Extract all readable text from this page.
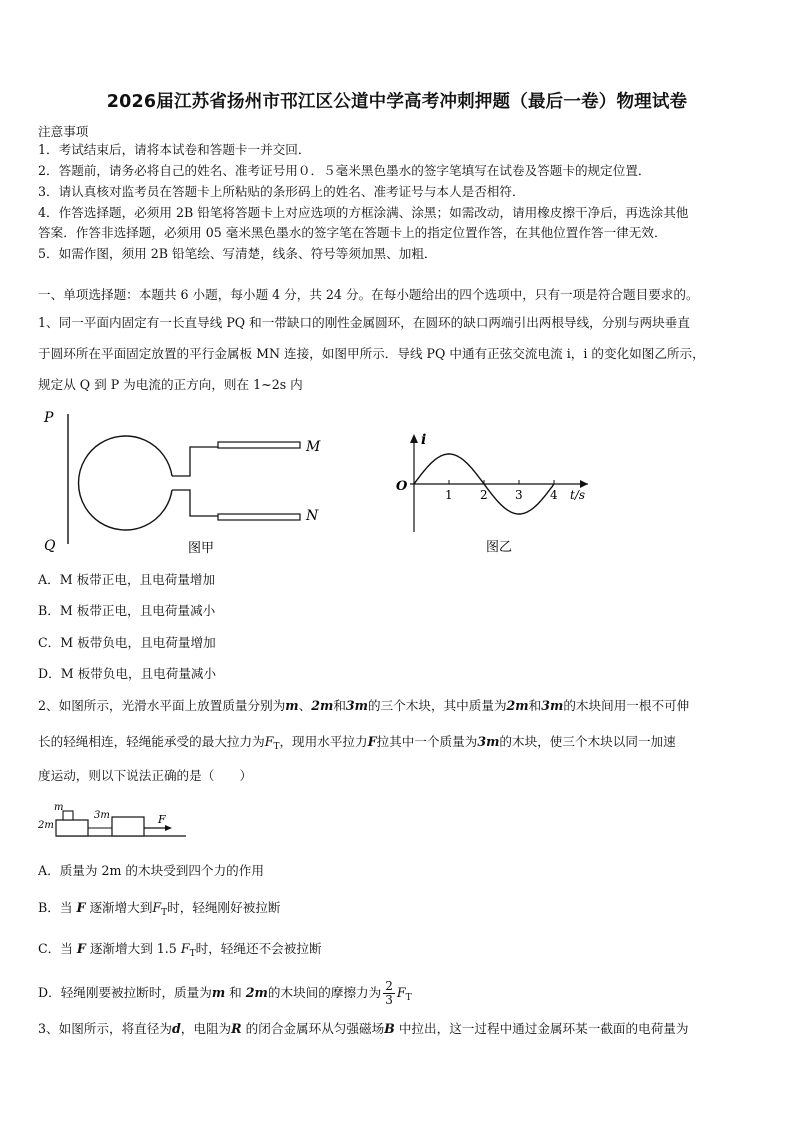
2026届江苏省扬州市邗江区公道中学高考冲刺押题（最后一卷）物理试卷
注意事项
1．考试结束后，请将本试卷和答题卡一并交回．
2．答题前，请务必将自己的姓名、准考证号用０．５毫米黑色墨水的签字笔填写在试卷及答题卡的规定位置．
3．请认真核对监考员在答题卡上所粘贴的条形码上的姓名、准考证号与本人是否相符．
4．作答选择题，必须用 2B 铅笔将答题卡上对应选项的方框涂满、涂黑；如需改动，请用橡皮擦干净后，再选涂其他
答案．作答非选择题，必须用 05 毫米黑色墨水的签字笔在答题卡上的指定位置作答，在其他位置作答一律无效．
5．如需作图，须用 2B 铅笔绘、写清楚，线条、符号等须加黑、加粗．
一、单项选择题：本题共 6 小题，每小题 4 分，共 24 分。在每小题给出的四个选项中，只有一项是符合题目要求的。
1、同一平面内固定有一长直导线 PQ 和一带缺口的刚性金属圆环，在圆环的缺口两端引出两根导线，分别与两块垂直
于圆环所在平面固定放置的平行金属板 MN 连接，如图甲所示．导线 PQ 中通有正弦交流电流 i，i 的变化如图乙所示，
规定从 Q 到 P 为电流的正方向，则在 1~2s 内
P
Q
M
N
图甲
i
O
1 2 3 4 t/s
图乙
A．M 板带正电，且电荷量增加
B．M 板带正电，且电荷量减小
C．M 板带负电，且电荷量增加
D．M 板带负电，且电荷量减小
2、如图所示，光滑水平面上放置质量分别为m、2m和3m的三个木块，其中质量为2m和3m的木块间用一根不可伸
长的轻绳相连，轻绳能承受的最大拉力为$F_T$，现用水平拉力F拉其中一个质量为3m的木块，使三个木块以同一加速
度运动，则以下说法正确的是（　　）
m
2m
3m	F
A．质量为 2m 的木块受到四个力的作用
B．当 F 逐渐增大到$F_T$时，轻绳刚好被拉断
C．当 F 逐渐增大到 1.5 $F_T$时，轻绳还不会被拉断
D．轻绳刚要被拉断时，质量为m 和 2m的木块间的摩擦力为 $\frac{2}{3} F_T$
3、如图所示，将直径为d，电阻为R 的闭合金属环从匀强磁场B 中拉出，这一过程中通过金属环某一截面的电荷量为
